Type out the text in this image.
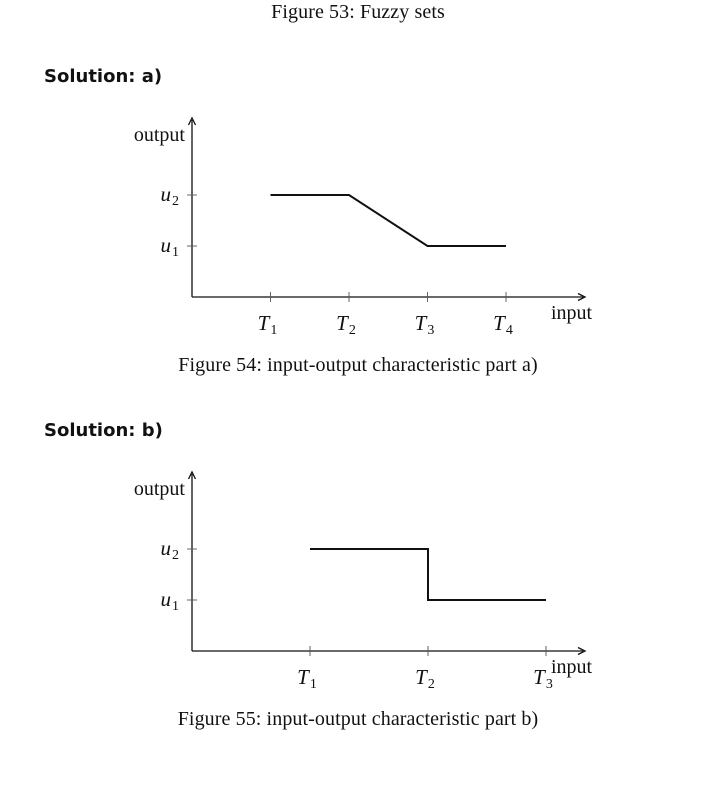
Figure 53: Fuzzy sets
Solution: a)
output
input
u2
u1
T1	T2	T3	T4
Figure 54: input-output characteristic part a)
Solution: b)
output
input
u2
u1
T1	T2	T3
Figure 55: input-output characteristic part b)
